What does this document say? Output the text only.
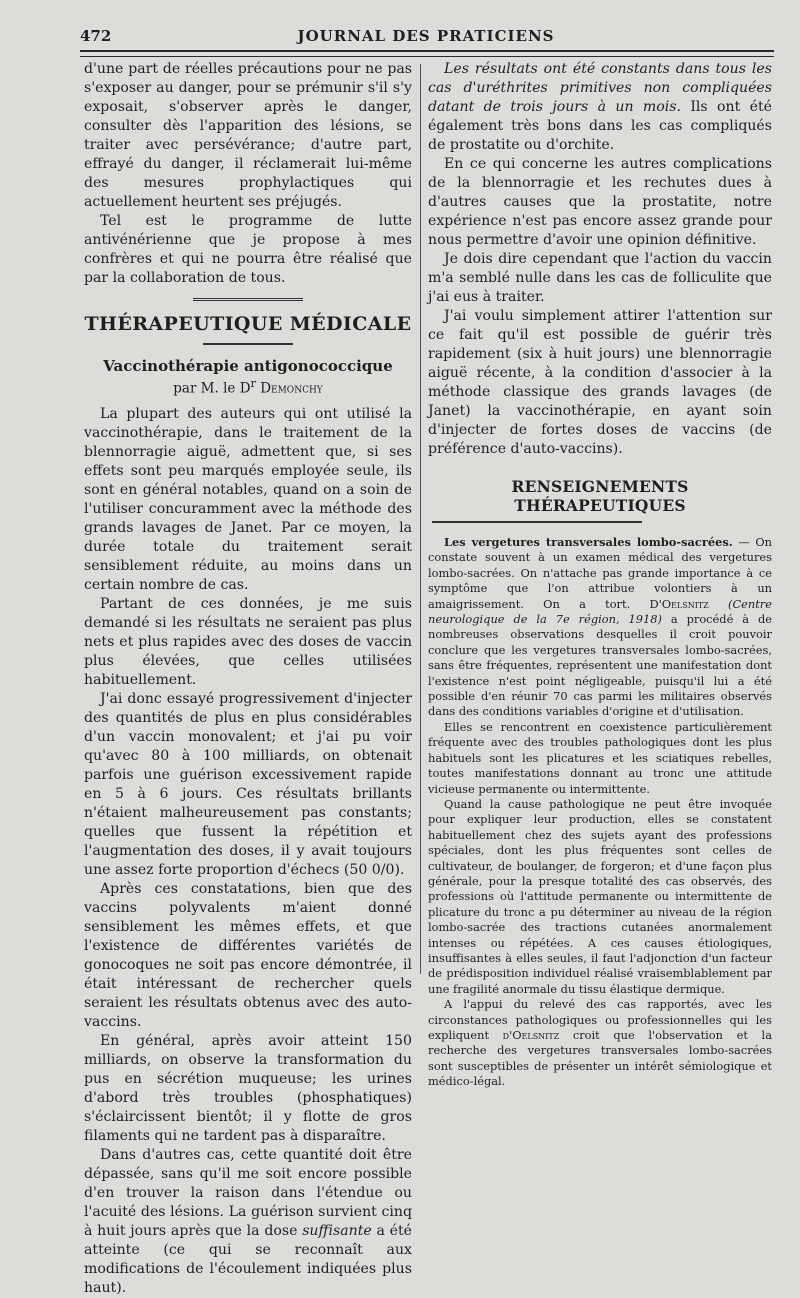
472	JOURNAL DES PRATICIENS

d'une part de réelles précautions pour ne pas s'exposer au danger, pour se prémunir s'il s'y exposait, s'observer après le danger, consulter dès l'apparition des lésions, se traiter avec persévérance; d'autre part, effrayé du danger, il réclamerait lui-même des mesures prophylactiques qui actuellement heurtent ses préjugés.

Tel est le programme de lutte antivénérienne que je propose à mes confrères et qui ne pourra être réalisé que par la collaboration de tous.

THÉRAPEUTIQUE MÉDICALE
Vaccinothérapie antigonococcique
par M. le $D^r$ Demonchy

La plupart des auteurs qui ont utilisé la vaccinothérapie, dans le traitement de la blennorragie aiguë, admettent que, si ses effets sont peu marqués employée seule, ils sont en général notables, quand on a soin de l'utiliser concuramment avec la méthode des grands lavages de Janet. Par ce moyen, la durée totale du traitement serait sensiblement réduite, au moins dans un certain nombre de cas.

Partant de ces données, je me suis demandé si les résultats ne seraient pas plus nets et plus rapides avec des doses de vaccin plus élevées, que celles utilisées habituellement.

J'ai donc essayé progressivement d'injecter des quantités de plus en plus considérables d'un vaccin monovalent; et j'ai pu voir qu'avec 80 à 100 milliards, on obtenait parfois une guérison excessivement rapide en 5 à 6 jours. Ces résultats brillants n'étaient malheureusement pas constants; quelles que fussent la répétition et l'augmentation des doses, il y avait toujours une assez forte proportion d'échecs (50 0/0).

Après ces constatations, bien que des vaccins polyvalents m'aient donné sensiblement les mêmes effets, et que l'existence de différentes variétés de gonocoques ne soit pas encore démontrée, il était intéressant de rechercher quels seraient les résultats obtenus avec des auto-vaccins.

En général, après avoir atteint 150 milliards, on observe la transformation du pus en sécrétion muqueuse; les urines d'abord très troubles (phosphatiques) s'éclaircissent bientôt; il y flotte de gros filaments qui ne tardent pas à disparaître.

Dans d'autres cas, cette quantité doit être dépassée, sans qu'il me soit encore possible d'en trouver la raison dans l'étendue ou l'acuité des lésions. La guérison survient cinq à huit jours après que la dose suffisante a été atteinte (ce qui se reconnaît aux modifications de l'écoulement indiquées plus haut).

Les résultats ont été constants dans tous les cas d'uréthrites primitives non compliquées datant de trois jours à un mois. Ils ont été également très bons dans les cas compliqués de prostatite ou d'orchite.

En ce qui concerne les autres complications de la blennorragie et les rechutes dues à d'autres causes que la prostatite, notre expérience n'est pas encore assez grande pour nous permettre d'avoir une opinion définitive.

Je dois dire cependant que l'action du vaccin m'a semblé nulle dans les cas de folliculite que j'ai eus à traiter.

J'ai voulu simplement attirer l'attention sur ce fait qu'il est possible de guérir très rapidement (six à huit jours) une blennorragie aiguë récente, à la condition d'associer à la méthode classique des grands lavages (de Janet) la vaccinothérapie, en ayant soin d'injecter de fortes doses de vaccins (de préférence d'auto-vaccins).

RENSEIGNEMENTS THÉRAPEUTIQUES

Les vergetures transversales lombo-sacrées. — On constate souvent à un examen médical des vergetures lombo-sacrées. On n'attache pas grande importance à ce symptôme que l'on attribue volontiers à un amaigrissement. On a tort. D'Oelsnitz (Centre neurologique de la 7e région, 1918) a procédé à de nombreuses observations desquelles il croit pouvoir conclure que les vergetures transversales lombo-sacrées, sans être fréquentes, représentent une manifestation dont l'existence n'est point négligeable, puisqu'il lui a été possible d'en réunir 70 cas parmi les militaires observés dans des conditions variables d'origine et d'utilisation.

Elles se rencontrent en coexistence particulièrement fréquente avec des troubles pathologiques dont les plus habituels sont les plicatures et les sciatiques rebelles, toutes manifestations donnant au tronc une attitude vicieuse permanente ou intermittente.

Quand la cause pathologique ne peut être invoquée pour expliquer leur production, elles se constatent habituellement chez des sujets ayant des professions spéciales, dont les plus fréquentes sont celles de cultivateur, de boulanger, de forgeron; et d'une façon plus générale, pour la presque totalité des cas observés, des professions où l'attitude permanente ou intermittente de plicature du tronc a pu déterminer au niveau de la région lombo-sacrée des tractions cutanées anormalement intenses ou répétées. A ces causes étiologiques, insuffisantes à elles seules, il faut l'adjonction d'un facteur de prédisposition individuel réalisé vraisemblablement par une fragilité anormale du tissu élastique dermique.

A l'appui du relevé des cas rapportés, avec les circonstances pathologiques ou professionnelles qui les expliquent d'Oelsnitz croit que l'observation et la recherche des vergetures transversales lombo-sacrées sont susceptibles de présenter un intérêt sémiologique et médico-légal.
